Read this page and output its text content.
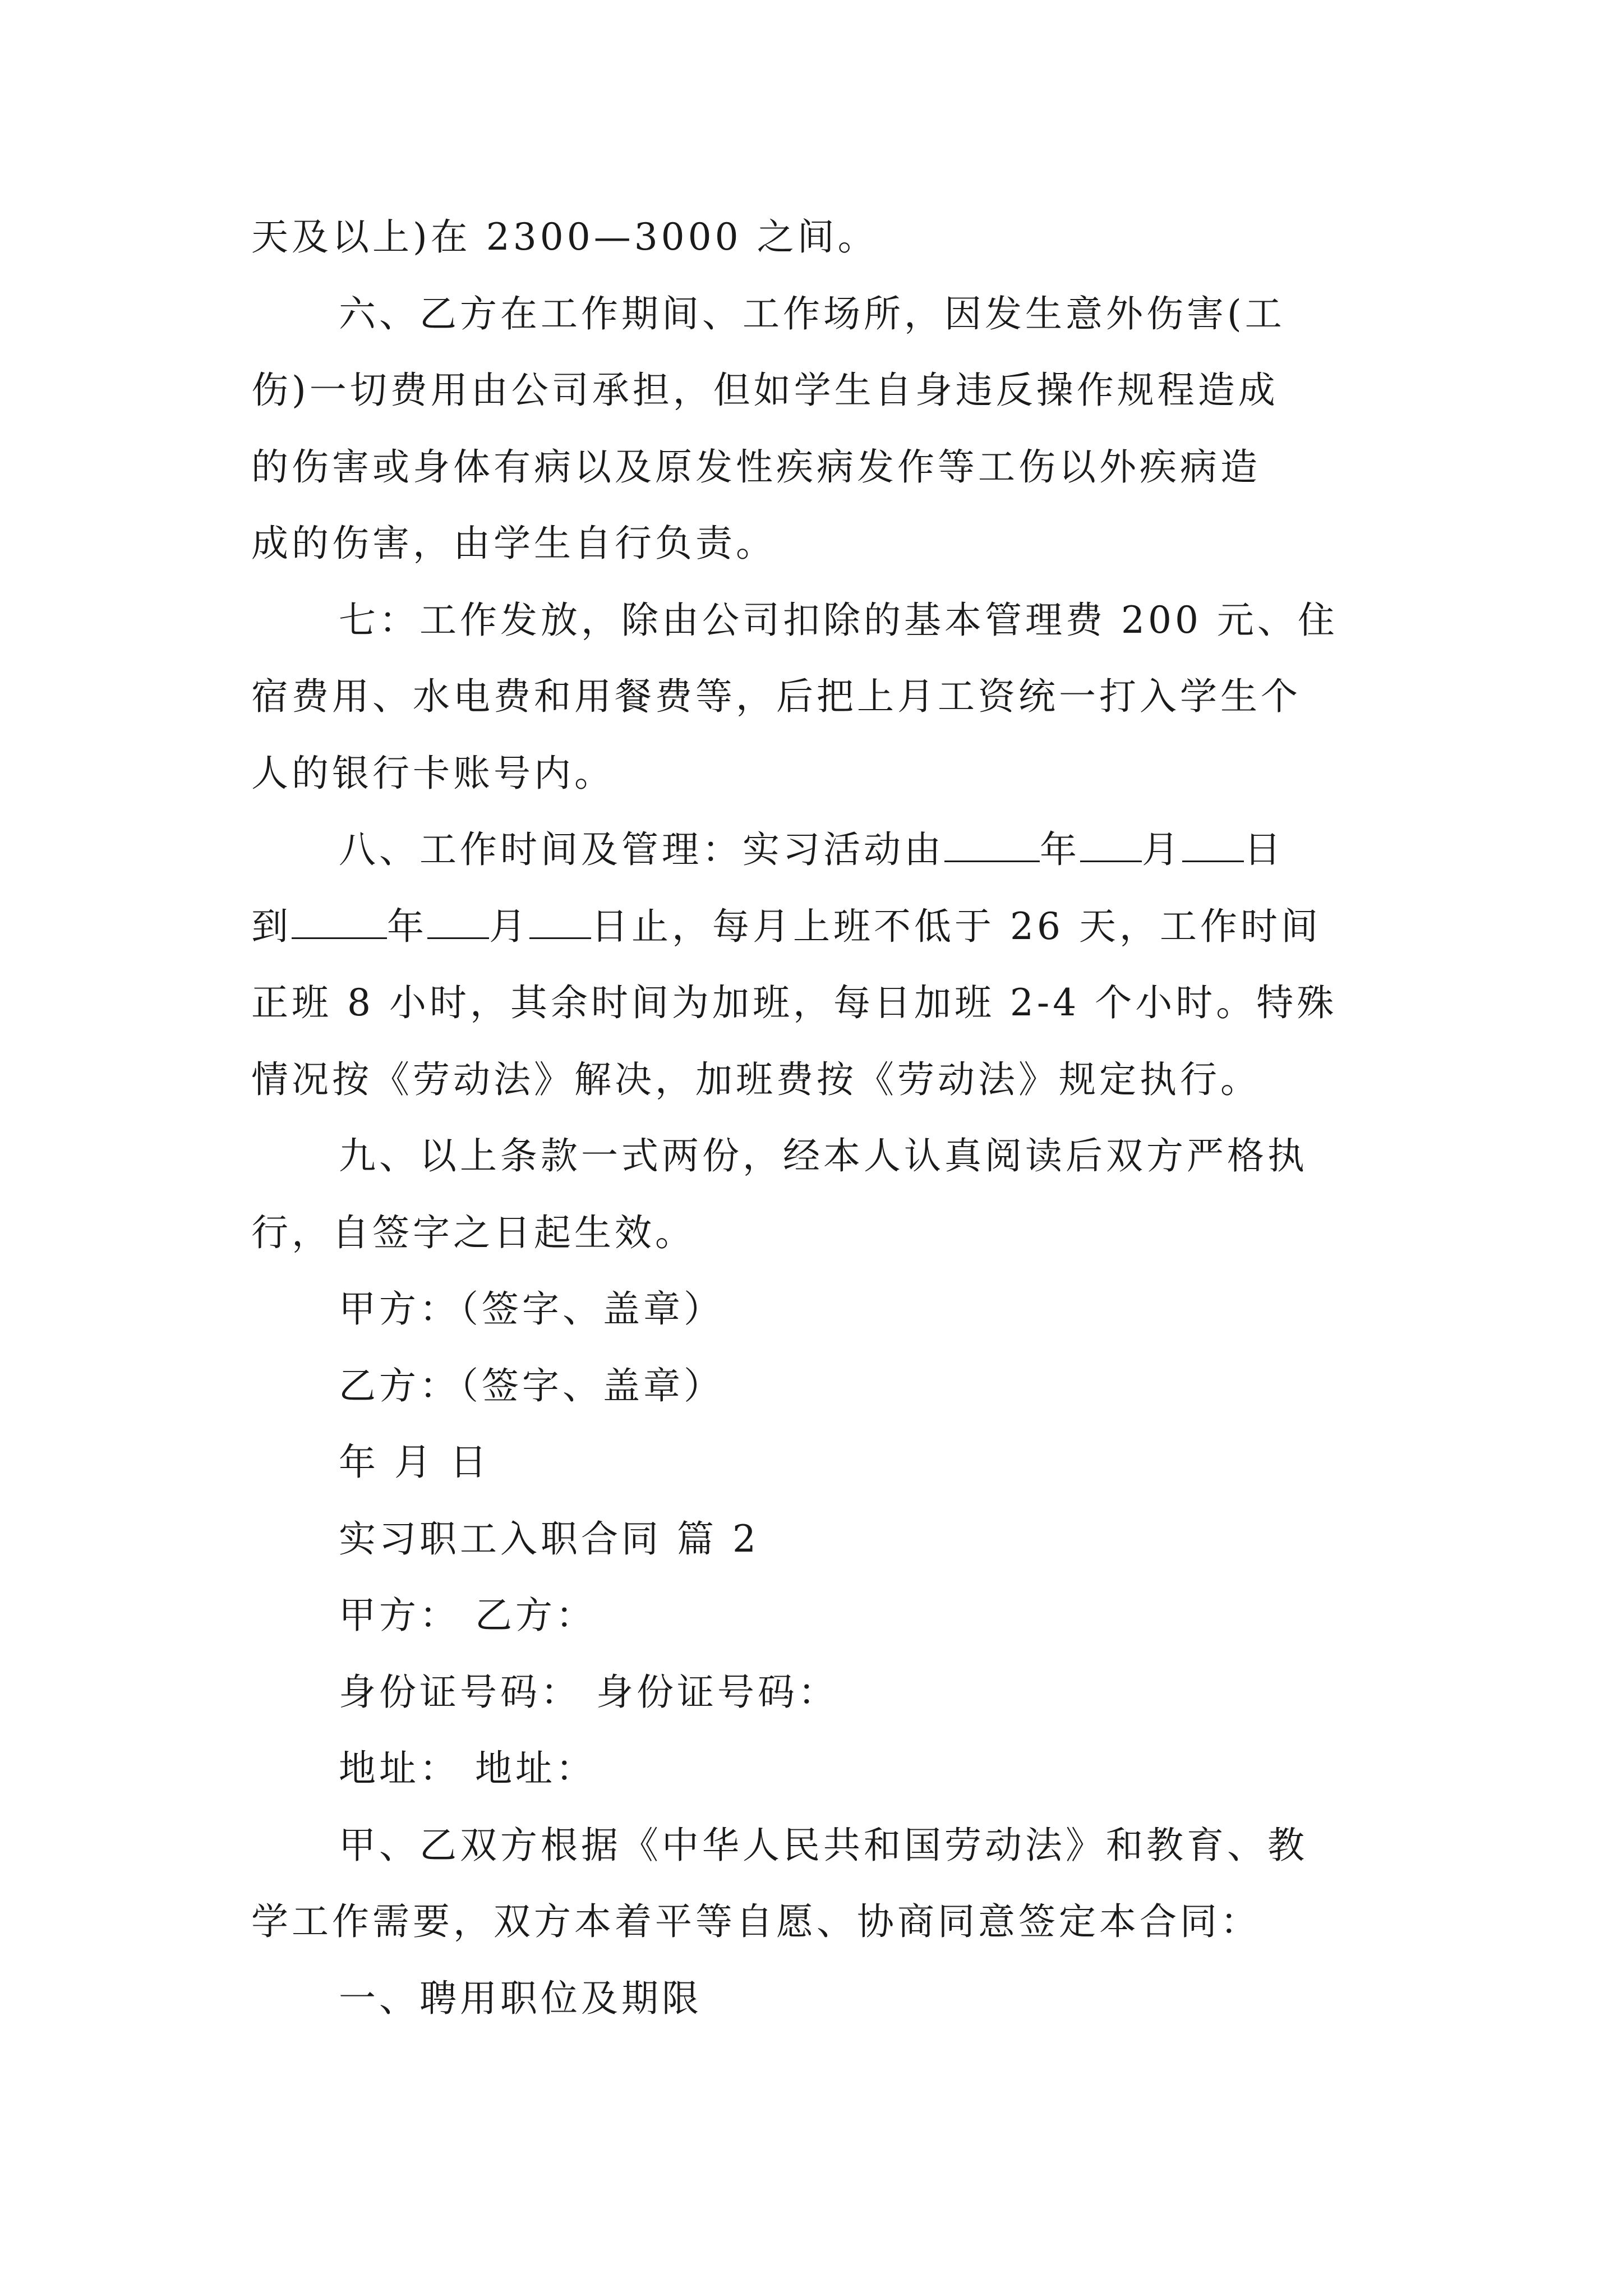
天及以上)在 2300—3000 之间。
六、乙方在工作期间、工作场所，因发生意外伤害(工
伤)一切费用由公司承担，但如学生自身违反操作规程造成
的伤害或身体有病以及原发性疾病发作等工伤以外疾病造
成的伤害，由学生自行负责。
七：工作发放，除由公司扣除的基本管理费 200 元、住
宿费用、水电费和用餐费等，后把上月工资统一打入学生个
人的银行卡账号内。
八、工作时间及管理：实习活动由	年 月 日
到	年 月 日止，每月上班不低于 26 天，工作时间
正班 8 小时，其余时间为加班，每日加班 2-4 个小时。特殊
情况按《劳动法》解决，加班费按《劳动法》规定执行。
九、以上条款一式两份，经本人认真阅读后双方严格执
行，自签字之日起生效。
甲方：（签字、盖章）
乙方：（签字、盖章）
年 月 日
实习职工入职合同 篇 2
甲方： 乙方：
身份证号码： 身份证号码：
地址： 地址：
甲、乙双方根据《中华人民共和国劳动法》和教育、教
学工作需要，双方本着平等自愿、协商同意签定本合同：
一、聘用职位及期限
